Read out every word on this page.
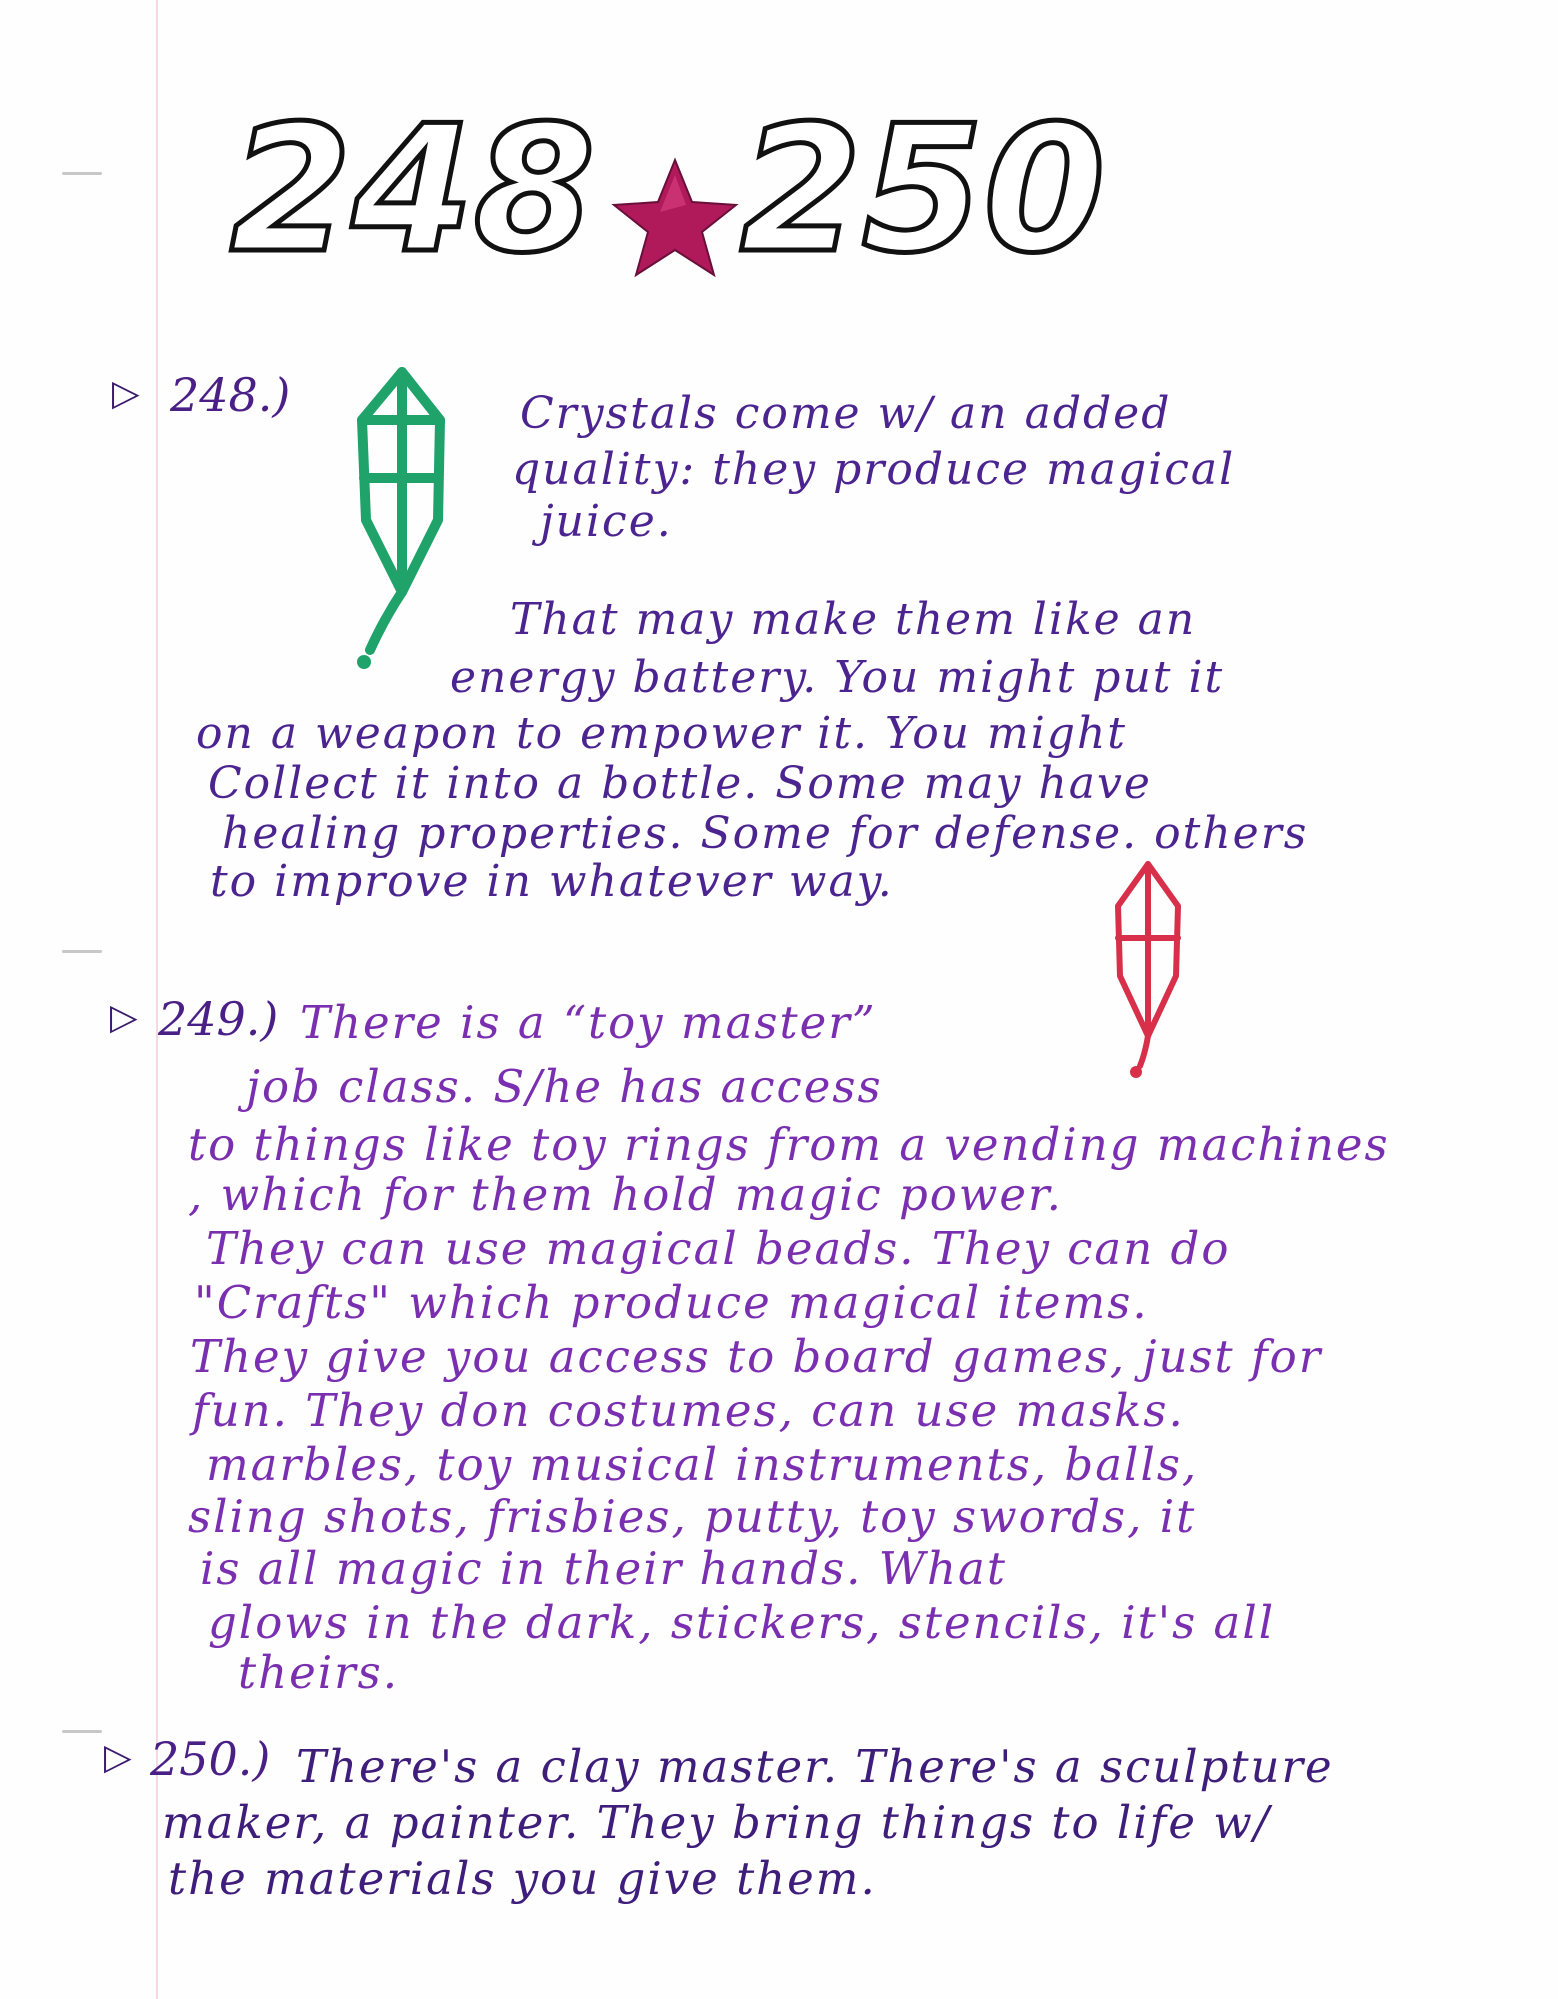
248 250
▷ 248.)	Crystals come w/ an added
quality: they produce magical
juice.
That may make them like an
energy battery. You might put it
on a weapon to empower it. You might
Collect it into a bottle. Some may have
healing properties. Some for defense. others
to improve in whatever way.
▷ 249.) There is a “toy master”
job class. S/he has access
to things like toy rings from a vending machines
, which for them hold magic power.
They can use magical beads. They can do
"Crafts" which produce magical items.
They give you access to board games, just for
fun. They don costumes, can use masks.
marbles, toy musical instruments, balls,
sling shots, frisbies, putty, toy swords, it
is all magic in their hands. What
glows in the dark, stickers, stencils, it's all
theirs.
▷ 250.) There's a clay master. There's a sculpture
maker, a painter. They bring things to life w/
the materials you give them.
